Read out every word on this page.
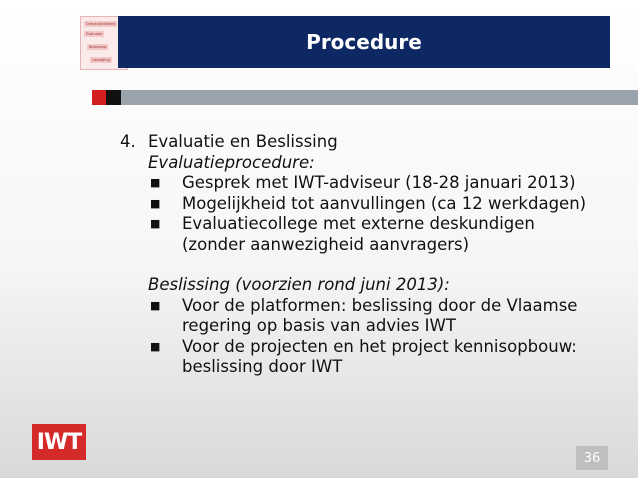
Ontvankelijkheid
Evaluatie
Beslissing
Opvolging
Procedure
4. Evaluatie en Beslissing
Evaluatieprocedure:
■	Gesprek met IWT-adviseur (18-28 januari 2013)
■	Mogelijkheid tot aanvullingen (ca 12 werkdagen)
■	Evaluatiecollege met externe deskundigen (zonder aanwezigheid aanvragers)
Beslissing (voorzien rond juni 2013):
■	Voor de platformen: beslissing door de Vlaamse regering op basis van advies IWT
■	Voor de projecten en het project kennisopbouw: beslissing door IWT
IWT
36
